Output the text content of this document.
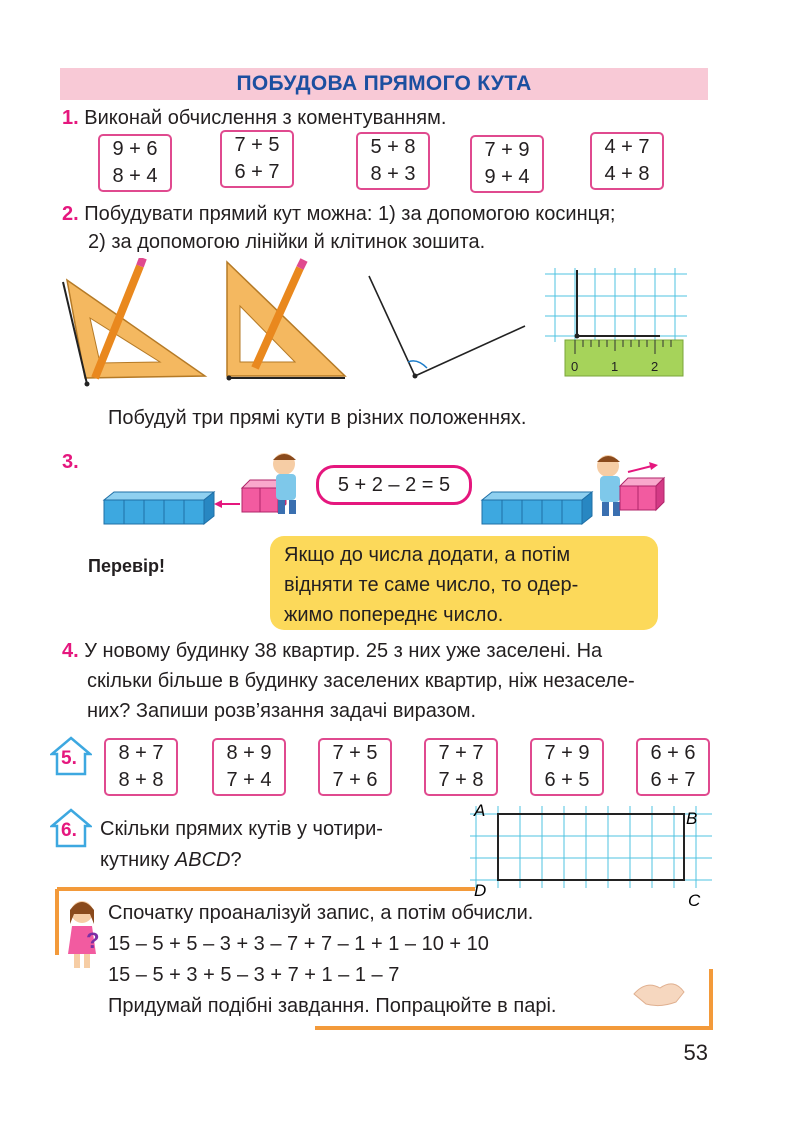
ПОБУДОВА ПРЯМОГО КУТА
1. Виконай обчислення з коментуванням.
9 + 6
8 + 4
7 + 5
6 + 7
5 + 8
8 + 3
7 + 9
9 + 4
4 + 7
4 + 8
2. Побудувати прямий кут можна: 1) за допомогою косинця;
2) за допомогою лінійки й клітинок зошита.
0	1	2
Побудуй три прямі кути в різних положеннях.
3.
5 + 2 – 2 = 5
Перевір!	Якщо до числа додати, а потім
відняти те саме число, то одер-
жимо попереднє число.
4. У новому будинку 38 квартир. 25 з них уже заселені. На
скільки більше в будинку заселених квартир, ніж незаселе-
них? Запиши розв’язання задачі виразом.
5.	8 + 7
8 + 8
8 + 9
7 + 4
7 + 5
7 + 6
7 + 7
7 + 8
7 + 9
6 + 5
6 + 6
6 + 7
6. Скільки прямих кутів у чотири-
кутнику ABCD?
A	B
C
D
?
Спочатку проаналізуй запис, а потім обчисли.
15 – 5 + 5 – 3 + 3 – 7 + 7 – 1 + 1 – 10 + 10
15 – 5 + 3 + 5 – 3 + 7 + 1 – 1 – 7
Придумай подібні завдання. Попрацюйте в парі.
53
